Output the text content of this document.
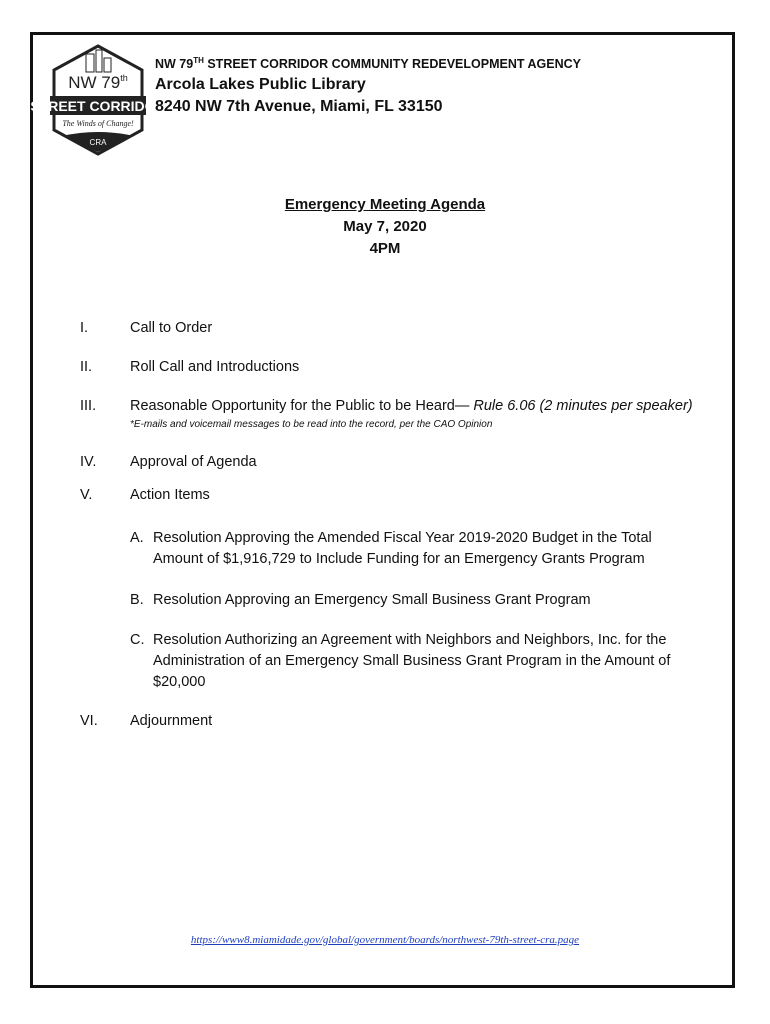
NW 79th
STREET CORRIDOR
The Winds of Change!
CRA
NW 79TH STREET CORRIDOR COMMUNITY REDEVELOPMENT AGENCY
Arcola Lakes Public Library
8240 NW 7th Avenue, Miami, FL 33150
Emergency Meeting Agenda
May 7, 2020
4PM
I.	Call to Order
II.	Roll Call and Introductions
III.	Reasonable Opportunity for the Public to be Heard— Rule 6.06 (2 minutes per speaker)
*E-mails and voicemail messages to be read into the record, per the CAO Opinion
IV.	Approval of Agenda
V.	Action Items
A. Resolution Approving the Amended Fiscal Year 2019-2020 Budget in the Total Amount of $1,916,729 to Include Funding for an Emergency Grants Program
B. Resolution Approving an Emergency Small Business Grant Program
C. Resolution Authorizing an Agreement with Neighbors and Neighbors, Inc. for the Administration of an Emergency Small Business Grant Program in the Amount of $20,000
VI.	Adjournment
https://www8.miamidade.gov/global/government/boards/northwest-79th-street-cra.page
